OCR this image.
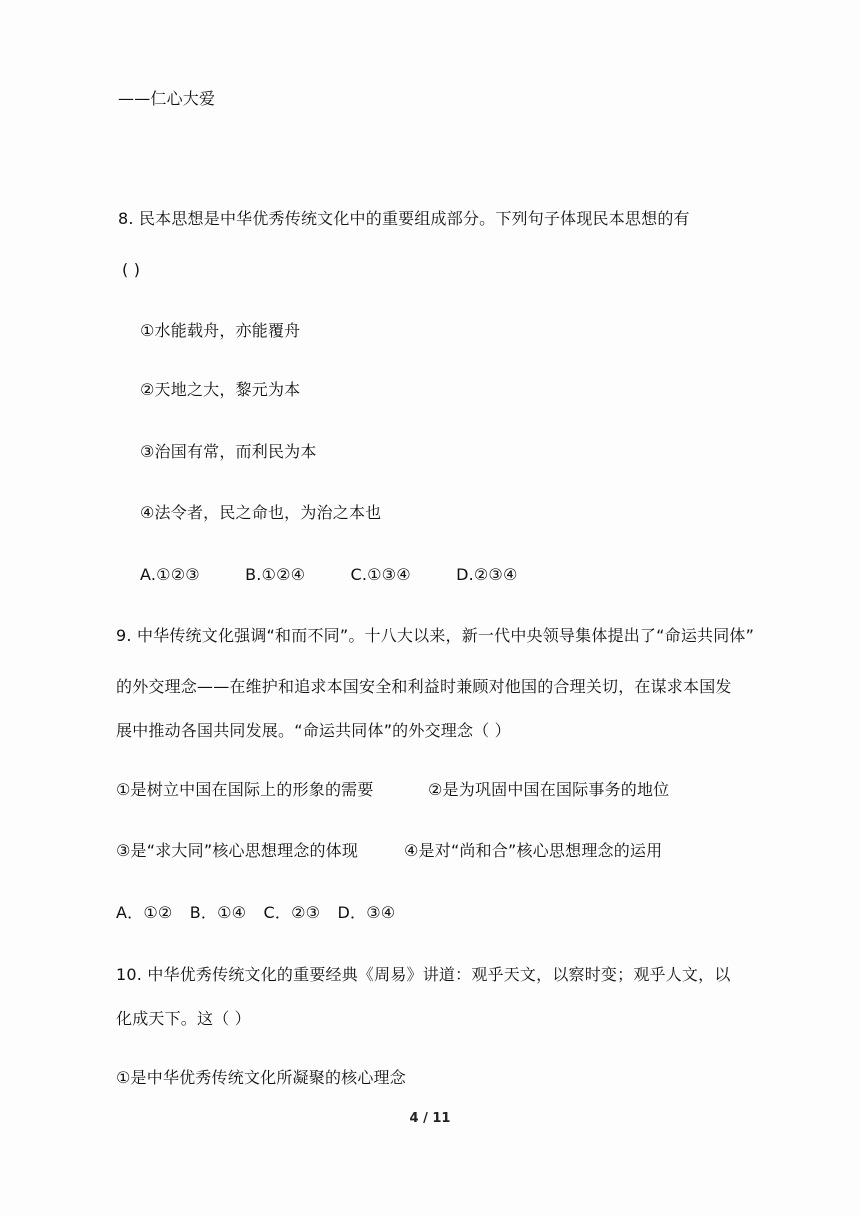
——仁心大爱
8. 民本思想是中华优秀传统文化中的重要组成部分。下列句子体现民本思想的有
( )
①水能载舟，亦能覆舟
②天地之大，黎元为本
③治国有常，而利民为本
④法令者，民之命也，为治之本也
A.①②③	B.①②④	C.①③④	D.②③④
9. 中华传统文化强调“和而不同”。十八大以来，新一代中央领导集体提出了“命运共同体”
的外交理念——在维护和追求本国安全和利益时兼顾对他国的合理关切，在谋求本国发
展中推动各国共同发展。“命运共同体”的外交理念（ ）
①是树立中国在国际上的形象的需要	②是为巩固中国在国际事务的地位
③是“求大同”核心思想理念的体现	④是对“尚和合”核心思想理念的运用
A．①② B．①④ C．②③ D．③④
10. 中华优秀传统文化的重要经典《周易》讲道：观乎天文，以察时变；观乎人文，以
化成天下。这（ ）
①是中华优秀传统文化所凝聚的核心理念
4 / 11
